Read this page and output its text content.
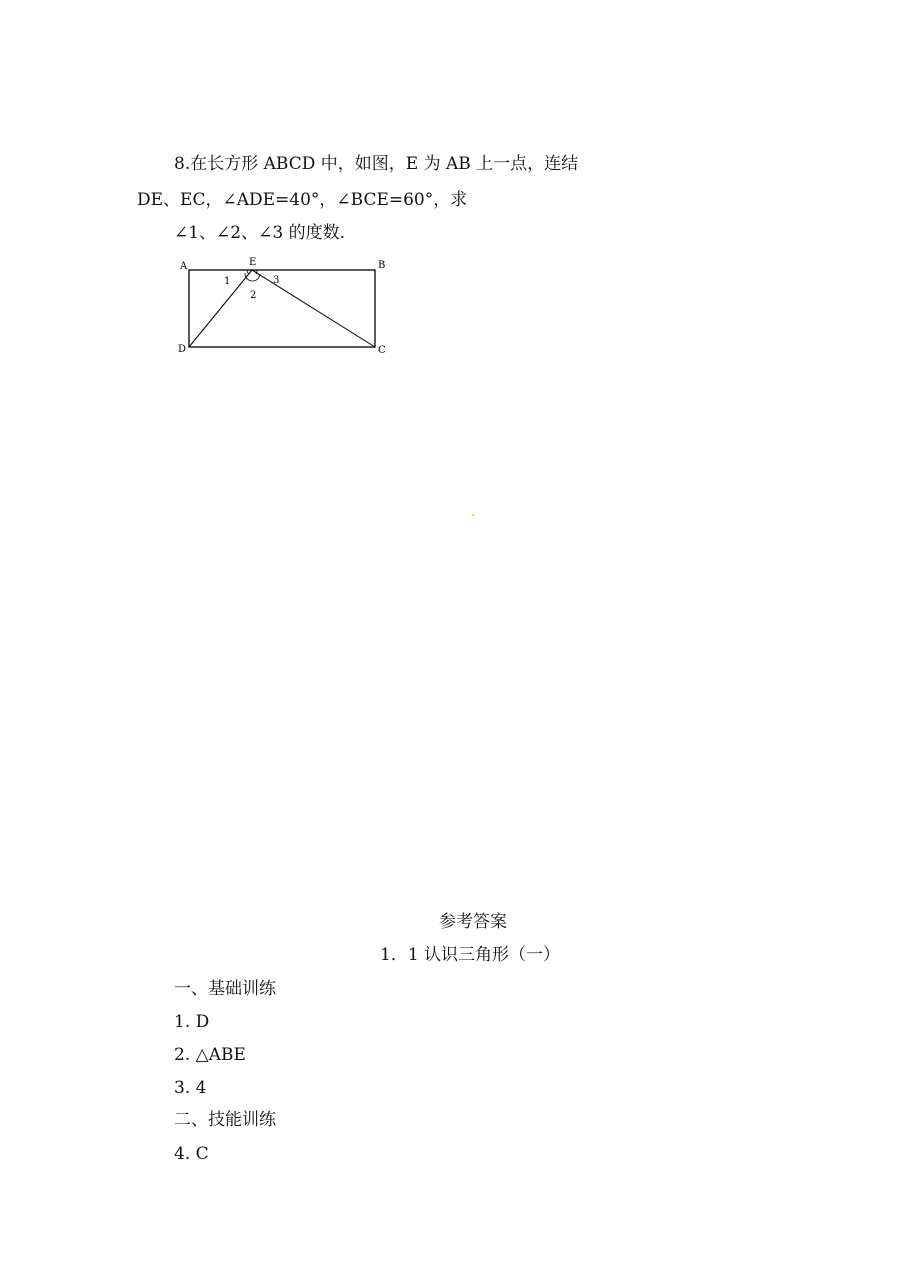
8.在长方形 ABCD 中，如图，E 为 AB 上一点，连结
DE、EC，∠ADE=40°，∠BCE=60°，求
∠1、∠2、∠3 的度数.
A	B
C
D
E
1
2
3
参考答案
1．1 认识三角形（一）
一、基础训练
1. D
2. △ABE
3. 4
二、技能训练
4. C
